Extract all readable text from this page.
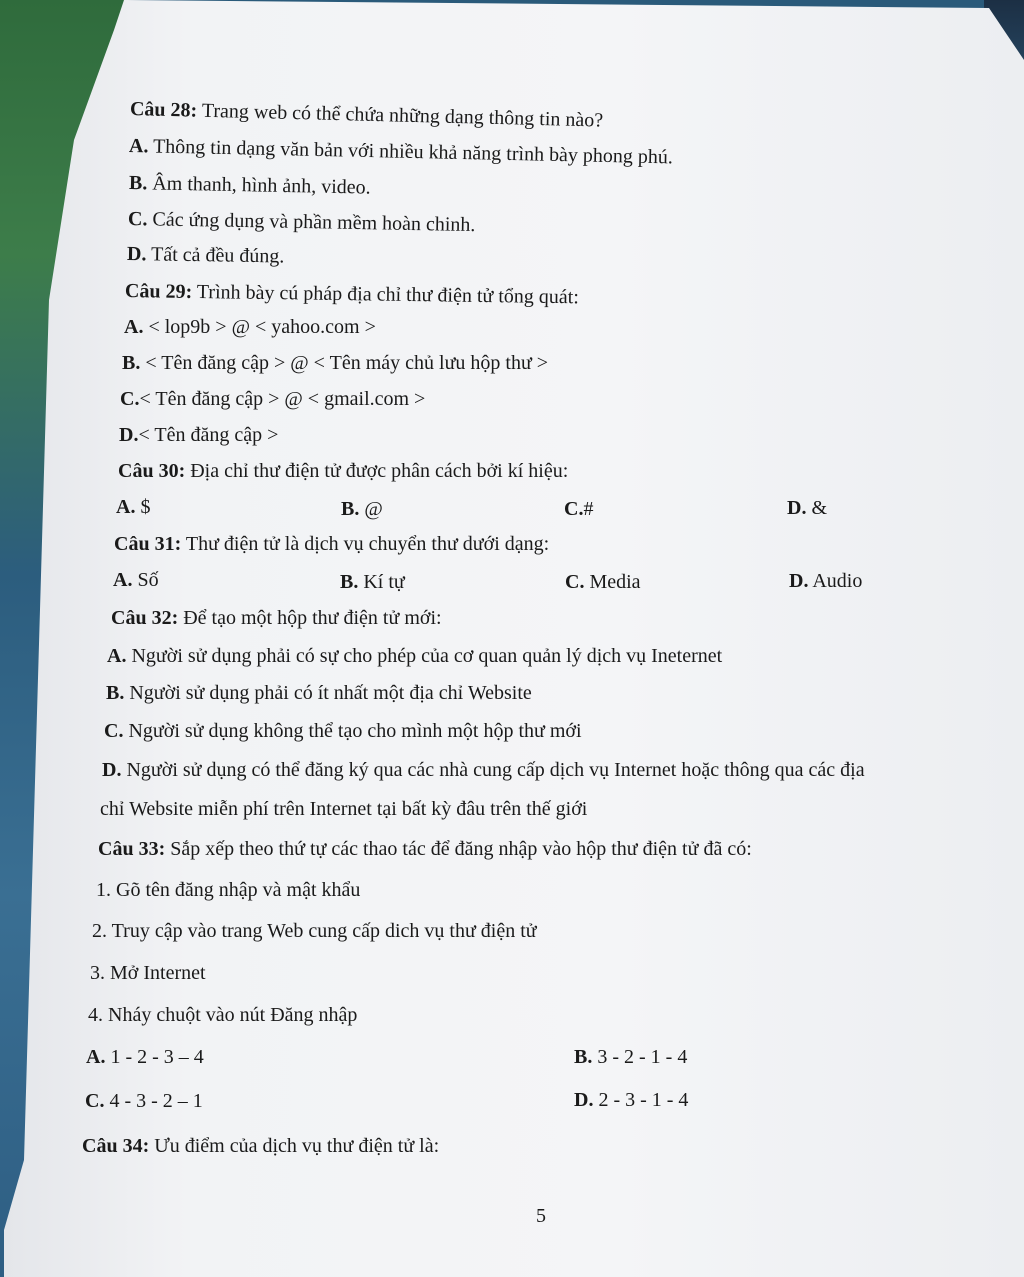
Câu 28: Trang web có thể chứa những dạng thông tin nào?
A. Thông tin dạng văn bản với nhiều khả năng trình bày phong phú.
B. Âm thanh, hình ảnh, video.
C. Các ứng dụng và phần mềm hoàn chinh.
D. Tất cả đều đúng.
Câu 29: Trình bày cú pháp địa chỉ thư điện tử tổng quát:
A. < lop9b > @ < yahoo.com >
B. < Tên đăng cập > @ < Tên máy chủ lưu hộp thư >
C.< Tên đăng cập > @ < gmail.com >
D.< Tên đăng cập >
Câu 30: Địa chỉ thư điện tử được phân cách bởi kí hiệu:
A. $	B. @	C.#	D. &
Câu 31: Thư điện tử là dịch vụ chuyển thư dưới dạng:
A. Số	B. Kí tự	C. Media	D. Audio
Câu 32: Để tạo một hộp thư điện tử mới:
A. Người sử dụng phải có sự cho phép của cơ quan quản lý dịch vụ Ineternet
B. Người sử dụng phải có ít nhất một địa chỉ Website
C. Người sử dụng không thể tạo cho mình một hộp thư mới
D. Người sử dụng có thể đăng ký qua các nhà cung cấp dịch vụ Internet hoặc thông qua các địa
chỉ Website miễn phí trên Internet tại bất kỳ đâu trên thế giới
Câu 33: Sắp xếp theo thứ tự các thao tác để đăng nhập vào hộp thư điện tử đã có:
1. Gõ tên đăng nhập và mật khẩu
2. Truy cập vào trang Web cung cấp dich vụ thư điện tử
3. Mở Internet
4. Nháy chuột vào nút Đăng nhập
A. 1 - 2 - 3 – 4	B. 3 - 2 - 1 - 4
C. 4 - 3 - 2 – 1	D. 2 - 3 - 1 - 4
Câu 34: Ưu điểm của dịch vụ thư điện tử là:
5
